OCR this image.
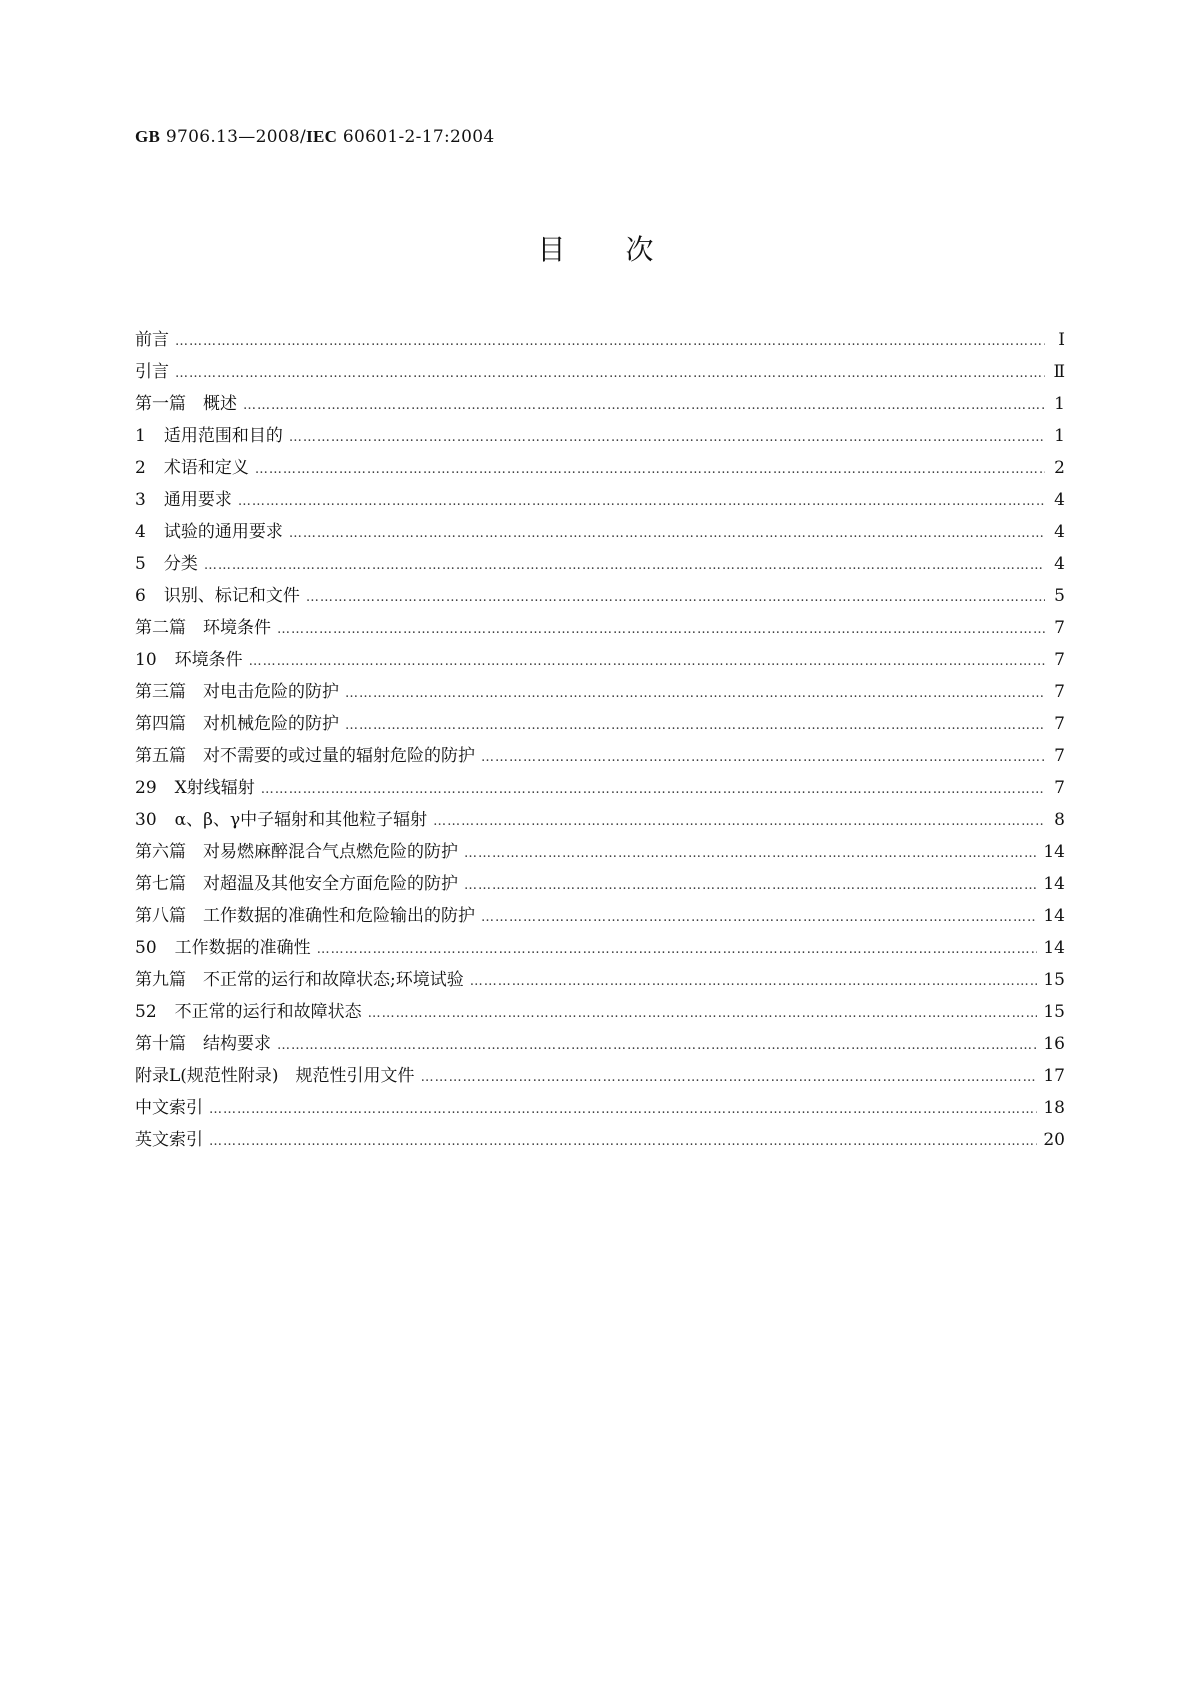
GB 9706.13—2008/IEC 60601-2-17:2004
目次
前言 …………………………………………………………………………………………………………………………………………………………………………………………………………	Ⅰ
引言 …………………………………………………………………………………………………………………………………………………………………………………………………………	Ⅱ
第一篇　概述 …………………………………………………………………………………………………………………………………………………………………………………………………………	1
1 适用范围和目的 …………………………………………………………………………………………………………………………………………………………………………………………………………	1
2 术语和定义 …………………………………………………………………………………………………………………………………………………………………………………………………………	2
3 通用要求 …………………………………………………………………………………………………………………………………………………………………………………………………………	4
4 试验的通用要求 …………………………………………………………………………………………………………………………………………………………………………………………………………	4
5 分类 …………………………………………………………………………………………………………………………………………………………………………………………………………	4
6 识别、标记和文件 …………………………………………………………………………………………………………………………………………………………………………………………………………	5
第二篇　环境条件 …………………………………………………………………………………………………………………………………………………………………………………………………………	7
10 环境条件 …………………………………………………………………………………………………………………………………………………………………………………………………………	7
第三篇　对电击危险的防护 …………………………………………………………………………………………………………………………………………………………………………………………………………	7
第四篇　对机械危险的防护 …………………………………………………………………………………………………………………………………………………………………………………………………………	7
第五篇　对不需要的或过量的辐射危险的防护 …………………………………………………………………………………………………………………………………………………………………………………………………………	7
29 X射线辐射 …………………………………………………………………………………………………………………………………………………………………………………………………………	7
30 α、β、γ中子辐射和其他粒子辐射 …………………………………………………………………………………………………………………………………………………………………………………………………………	8
第六篇　对易燃麻醉混合气点燃危险的防护 …………………………………………………………………………………………………………………………………………………………………………………………………………	14
第七篇　对超温及其他安全方面危险的防护 …………………………………………………………………………………………………………………………………………………………………………………………………………	14
第八篇　工作数据的准确性和危险输出的防护 …………………………………………………………………………………………………………………………………………………………………………………………………………	14
50 工作数据的准确性 …………………………………………………………………………………………………………………………………………………………………………………………………………	14
第九篇　不正常的运行和故障状态;环境试验 …………………………………………………………………………………………………………………………………………………………………………………………………………	15
52 不正常的运行和故障状态 …………………………………………………………………………………………………………………………………………………………………………………………………………	15
第十篇　结构要求 …………………………………………………………………………………………………………………………………………………………………………………………………………	16
附录L(规范性附录)　规范性引用文件 …………………………………………………………………………………………………………………………………………………………………………………………………………	17
中文索引 …………………………………………………………………………………………………………………………………………………………………………………………………………	18
英文索引 …………………………………………………………………………………………………………………………………………………………………………………………………………	20
